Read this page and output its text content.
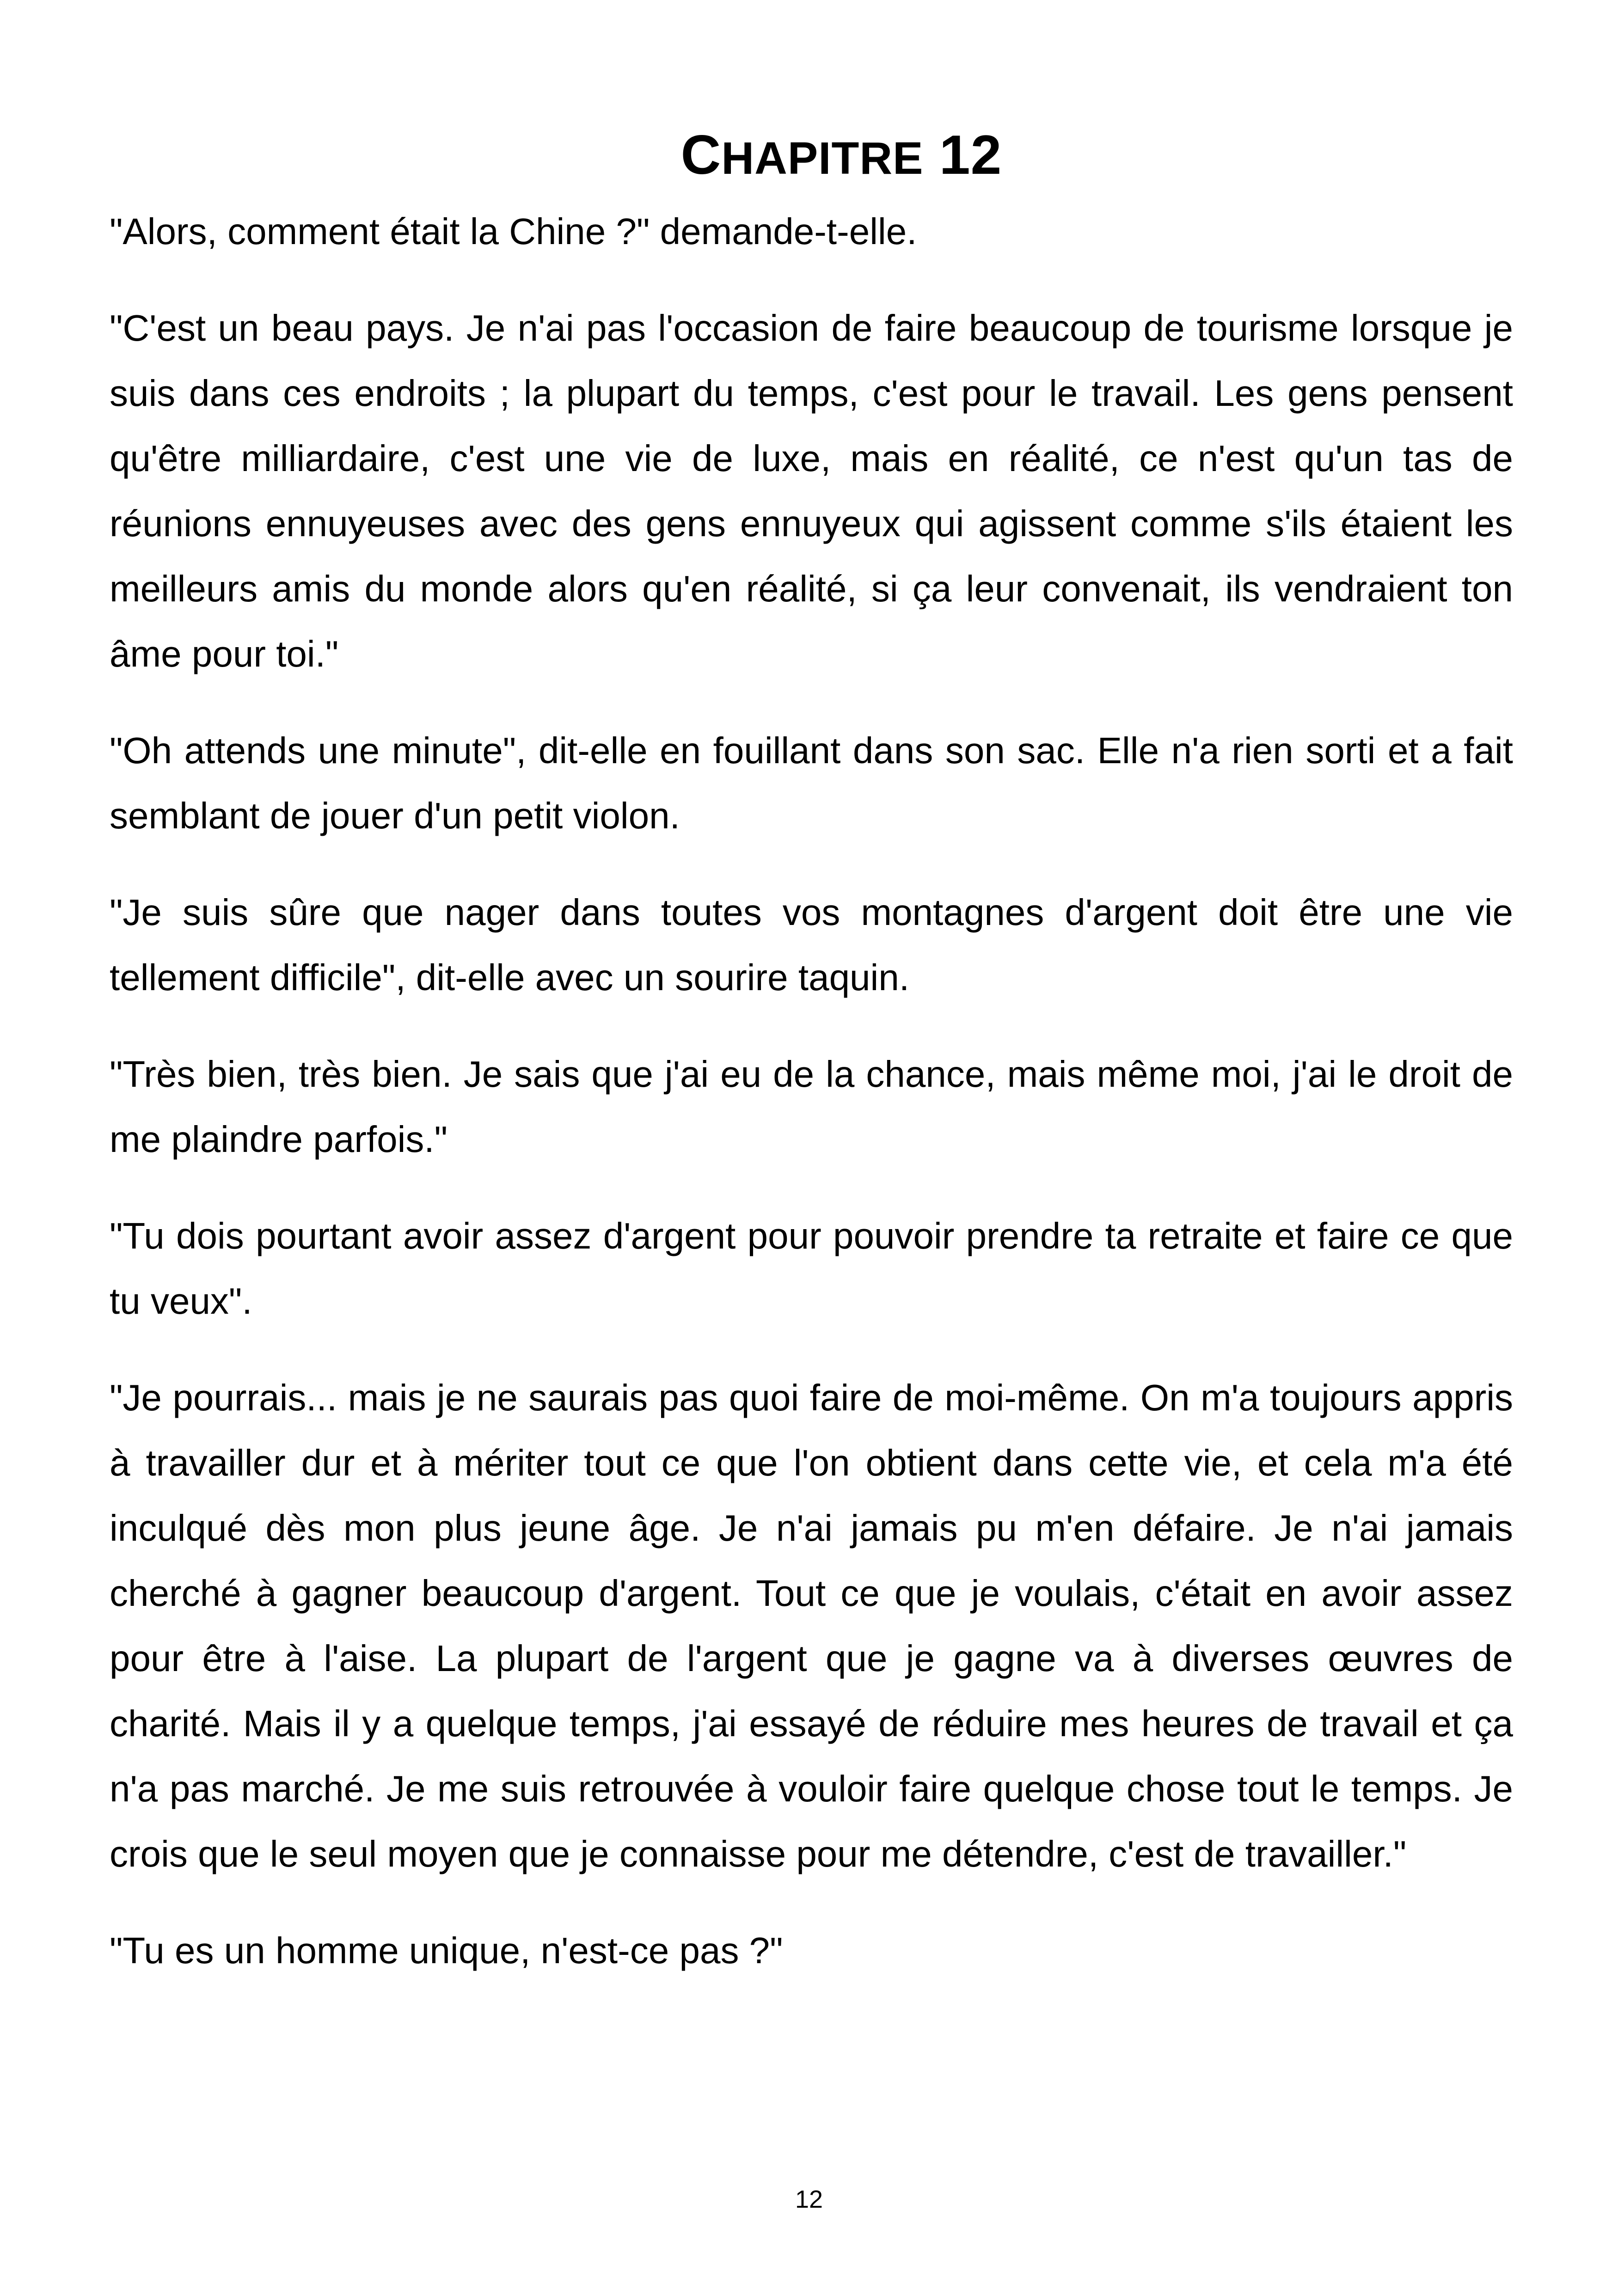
CHAPITRE 12

"Alors, comment était la Chine ?" demande-t-elle.

"C'est un beau pays. Je n'ai pas l'occasion de faire beaucoup de tourisme lorsque je suis dans ces endroits ; la plupart du temps, c'est pour le travail. Les gens pensent qu'être milliardaire, c'est une vie de luxe, mais en réalité, ce n'est qu'un tas de réunions ennuyeuses avec des gens ennuyeux qui agissent comme s'ils étaient les meilleurs amis du monde alors qu'en réalité, si ça leur convenait, ils vendraient ton âme pour toi."

"Oh attends une minute", dit-elle en fouillant dans son sac. Elle n'a rien sorti et a fait semblant de jouer d'un petit violon.

"Je suis sûre que nager dans toutes vos montagnes d'argent doit être une vie tellement difficile", dit-elle avec un sourire taquin.

"Très bien, très bien. Je sais que j'ai eu de la chance, mais même moi, j'ai le droit de me plaindre parfois."

"Tu dois pourtant avoir assez d'argent pour pouvoir prendre ta retraite et faire ce que tu veux".

"Je pourrais... mais je ne saurais pas quoi faire de moi-même. On m'a toujours appris à travailler dur et à mériter tout ce que l'on obtient dans cette vie, et cela m'a été inculqué dès mon plus jeune âge. Je n'ai jamais pu m'en défaire. Je n'ai jamais cherché à gagner beaucoup d'argent. Tout ce que je voulais, c'était en avoir assez pour être à l'aise. La plupart de l'argent que je gagne va à diverses œuvres de charité. Mais il y a quelque temps, j'ai essayé de réduire mes heures de travail et ça n'a pas marché. Je me suis retrouvée à vouloir faire quelque chose tout le temps. Je crois que le seul moyen que je connaisse pour me détendre, c'est de travailler."

"Tu es un homme unique, n'est-ce pas ?"

12
